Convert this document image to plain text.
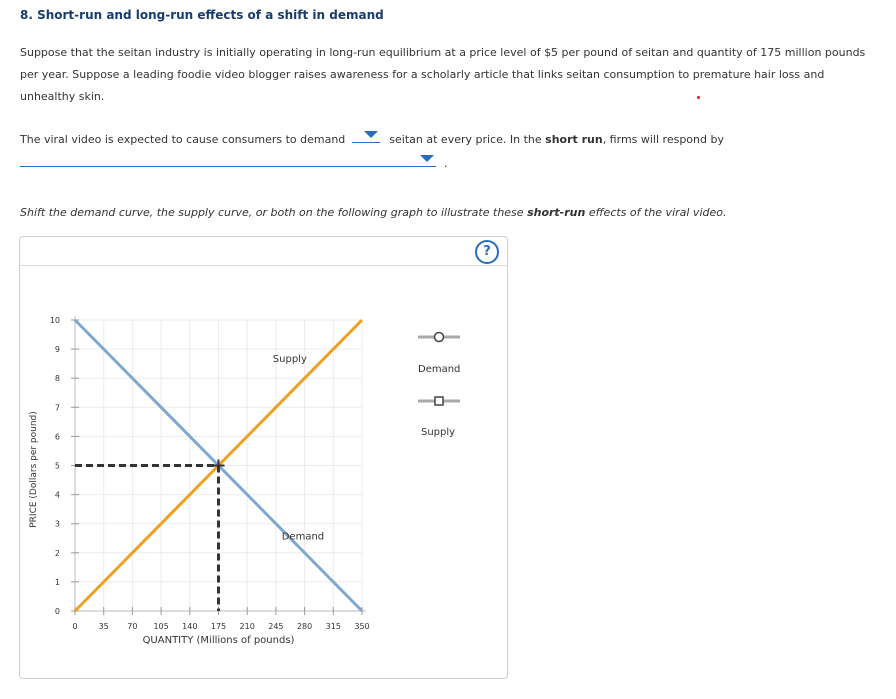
8. Short-run and long-run effects of a shift in demand
Suppose that the seitan industry is initially operating in long-run equilibrium at a price level of $5 per pound of seitan and quantity of 175 million pounds per year. Suppose a leading foodie video blogger raises awareness for a scholarly article that links seitan consumption to premature hair loss and unhealthy skin.
The viral video is expected to cause consumers to demand	seitan at every price. In the short run, firms will respond by
.
Shift the demand curve, the supply curve, or both on the following graph to illustrate these short-run effects of the viral video.
?
0
1
2
3
4
5
6
7
8
9
10
0	35 70 105 140 175 210 245 280 315 350
QUANTITY (Millions of pounds)
PRICE (Dollars per pound)
Supply
Demand
Demand
Supply
